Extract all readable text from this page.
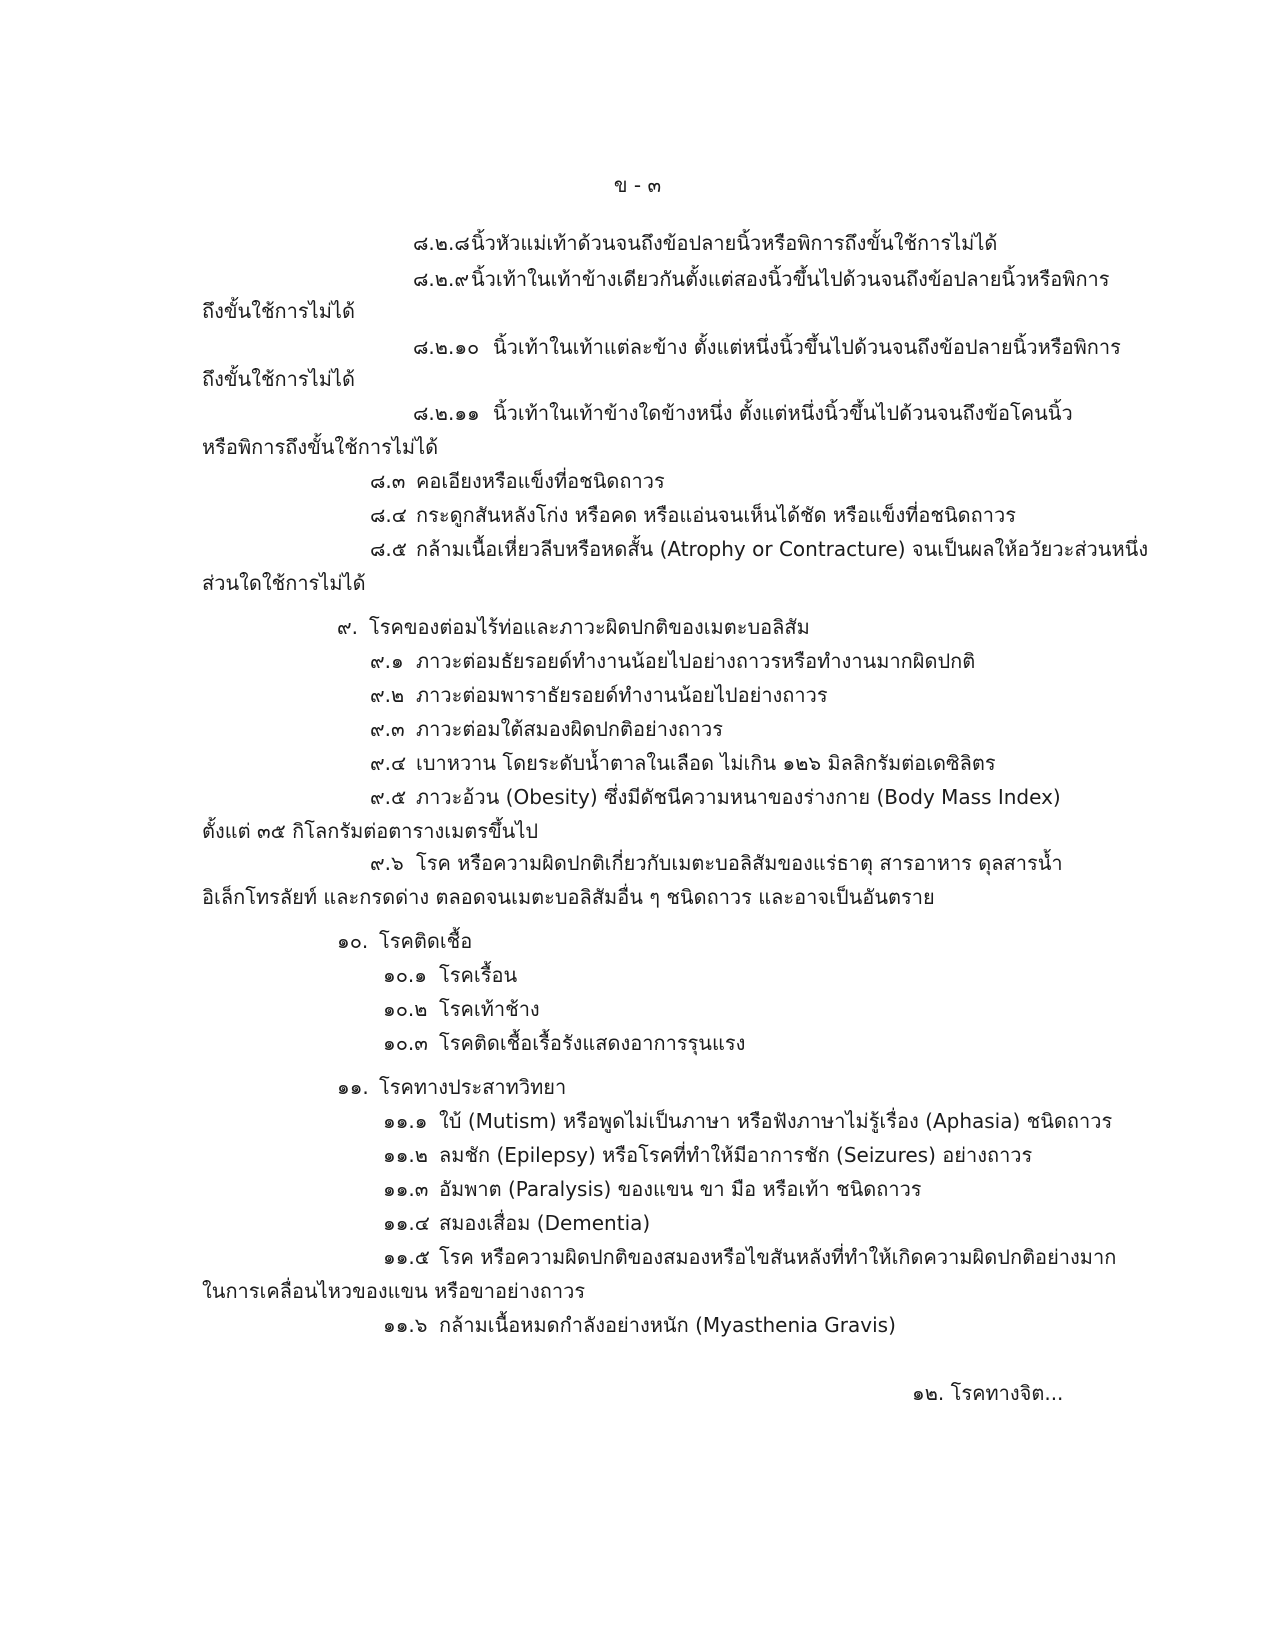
ข - ๓
๘.๒.๘นิ้วหัวแม่เท้าด้วนจนถึงข้อปลายนิ้วหรือพิการถึงขั้นใช้การไม่ได้
๘.๒.๙ นิ้วเท้าในเท้าข้างเดียวกันตั้งแต่สองนิ้วขึ้นไปด้วนจนถึงข้อปลายนิ้วหรือพิการ
ถึงขั้นใช้การไม่ได้
๘.๒.๑๐ นิ้วเท้าในเท้าแต่ละข้าง ตั้งแต่หนึ่งนิ้วขึ้นไปด้วนจนถึงข้อปลายนิ้วหรือพิการ
ถึงขั้นใช้การไม่ได้
๘.๒.๑๑ นิ้วเท้าในเท้าข้างใดข้างหนึ่ง ตั้งแต่หนึ่งนิ้วขึ้นไปด้วนจนถึงข้อโคนนิ้ว
หรือพิการถึงขั้นใช้การไม่ได้
๘.๓ คอเอียงหรือแข็งที่อชนิดถาวร
๘.๔ กระดูกสันหลังโก่ง หรือคด หรือแอ่นจนเห็นได้ชัด หรือแข็งที่อชนิดถาวร
๘.๕ กล้ามเนื้อเหี่ยวลีบหรือหดสั้น (Atrophy or Contracture) จนเป็นผลให้อวัยวะส่วนหนึ่ง
ส่วนใดใช้การไม่ได้
๙. โรคของต่อมไร้ท่อและภาวะผิดปกติของเมตะบอลิสัม
๙.๑ ภาวะต่อมธัยรอยด์ทำงานน้อยไปอย่างถาวรหรือทำงานมากผิดปกติ
๙.๒ ภาวะต่อมพาราธัยรอยด์ทำงานน้อยไปอย่างถาวร
๙.๓ ภาวะต่อมใต้สมองผิดปกติอย่างถาวร
๙.๔ เบาหวาน โดยระดับน้ำตาลในเลือด ไม่เกิน ๑๒๖ มิลลิกรัมต่อเดซิลิตร
๙.๕ ภาวะอ้วน (Obesity) ซึ่งมีดัชนีความหนาของร่างกาย (Body Mass Index)
ตั้งแต่ ๓๕ กิโลกรัมต่อตารางเมตรขึ้นไป
๙.๖ โรค หรือความผิดปกติเกี่ยวกับเมตะบอลิสัมของแร่ธาตุ สารอาหาร ดุลสารน้ำ
อิเล็กโทรลัยท์ และกรดด่าง ตลอดจนเมตะบอลิสัมอื่น ๆ ชนิดถาวร และอาจเป็นอันตราย
๑๐. โรคติดเชื้อ
๑๐.๑ โรคเรื้อน
๑๐.๒ โรคเท้าช้าง
๑๐.๓ โรคติดเชื้อเรื้อรังแสดงอาการรุนแรง
๑๑. โรคทางประสาทวิทยา
๑๑.๑ ใบ้ (Mutism) หรือพูดไม่เป็นภาษา หรือฟังภาษาไม่รู้เรื่อง (Aphasia) ชนิดถาวร
๑๑.๒ ลมชัก (Epilepsy) หรือโรคที่ทำให้มีอาการชัก (Seizures) อย่างถาวร
๑๑.๓ อัมพาต (Paralysis) ของแขน ขา มือ หรือเท้า ชนิดถาวร
๑๑.๔ สมองเสื่อม (Dementia)
๑๑.๕ โรค หรือความผิดปกติของสมองหรือไขสันหลังที่ทำให้เกิดความผิดปกติอย่างมาก
ในการเคลื่อนไหวของแขน หรือขาอย่างถาวร
๑๑.๖ กล้ามเนื้อหมดกำลังอย่างหนัก (Myasthenia Gravis)
๑๒. โรคทางจิต...
